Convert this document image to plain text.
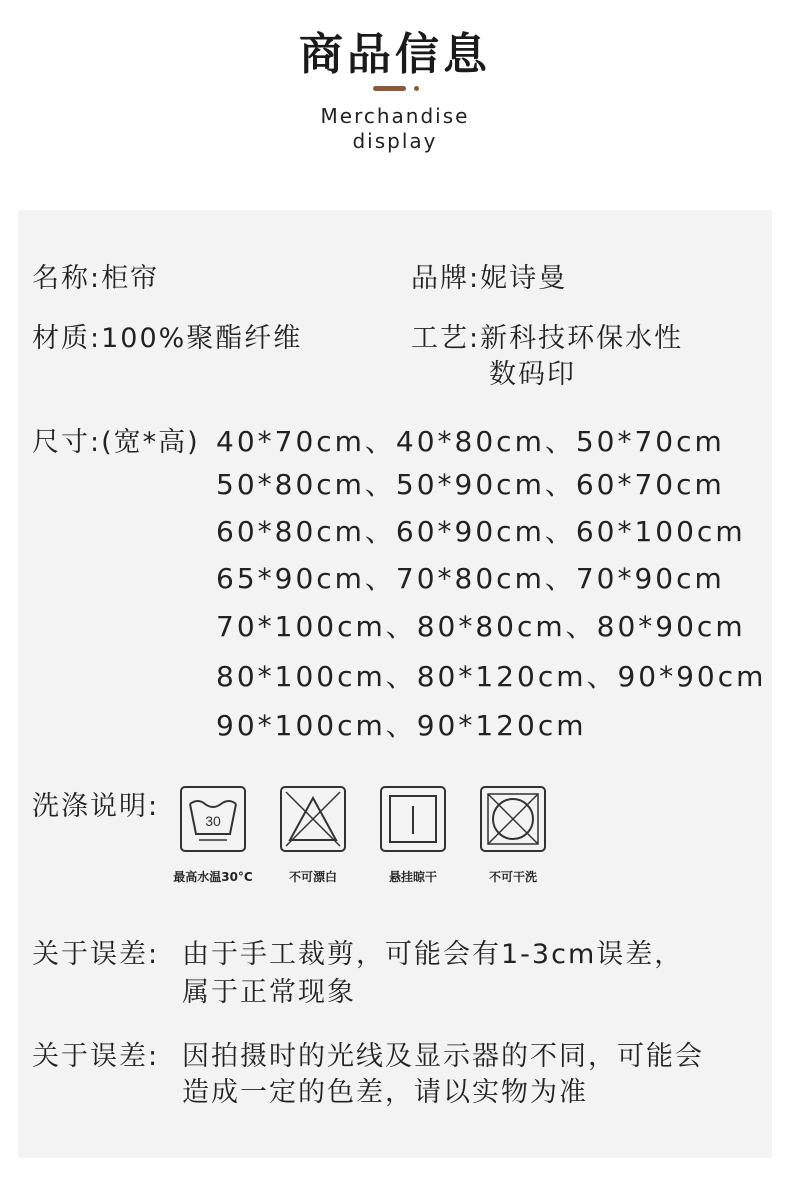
商品信息
Merchandise
display
名称:柜帘	品牌:妮诗曼
材质:100%聚酯纤维	工艺:新科技环保水性
数码印
尺寸:(宽*高) 40*70cm、40*80cm、50*70cm
50*80cm、50*90cm、60*70cm
60*80cm、60*90cm、60*100cm
65*90cm、70*80cm、70*90cm
70*100cm、80*80cm、80*90cm
80*100cm、80*120cm、90*90cm
90*100cm、90*120cm
洗涤说明:	30
最高水温30°C	不可漂白	悬挂晾干	不可干洗
关于误差: 由于手工裁剪，可能会有1-3cm误差，
属于正常现象
关于误差: 因拍摄时的光线及显示器的不同，可能会
造成一定的色差，请以实物为准
